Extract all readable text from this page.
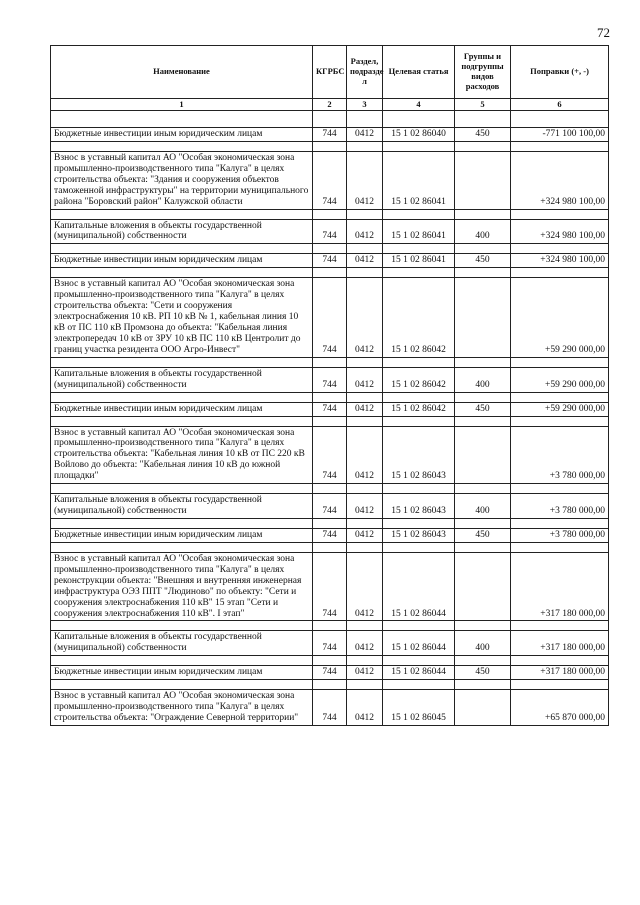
72
Наименование	КГРБС	Раздел, подразде л	Целевая статья	Группы и подгруппы видов расходов	Поправки (+, -)
1	2	3	4	5	6

Бюджетные инвестиции иным юридическим лицам	744	0412	15 1 02 86040	450	-771 100 100,00

Взнос в уставный капитал АО "Особая экономическая зона промышленно-производственного типа "Калуга" в целях строительства объекта: "Здания и сооружения объектов таможенной инфраструктуры" на территории муниципального района "Боровский район" Калужской области	744	0412	15 1 02 86041		+324 980 100,00

Капитальные вложения в объекты государственной (муниципальной) собственности	744	0412	15 1 02 86041	400	+324 980 100,00

Бюджетные инвестиции иным юридическим лицам	744	0412	15 1 02 86041	450	+324 980 100,00

Взнос в уставный капитал АО "Особая экономическая зона промышленно-производственного типа "Калуга" в целях строительства объекта: "Сети и сооружения электроснабжения 10 кВ. РП 10 кВ № 1, кабельная линия 10 кВ от ПС 110 кВ Промзона до объекта: "Кабельная линия электропередач 10 кВ от ЗРУ 10 кВ ПС 110 кВ Центролит до границ участка резидента ООО Агро-Инвест"	744	0412	15 1 02 86042		+59 290 000,00

Капитальные вложения в объекты государственной (муниципальной) собственности	744	0412	15 1 02 86042	400	+59 290 000,00

Бюджетные инвестиции иным юридическим лицам	744	0412	15 1 02 86042	450	+59 290 000,00

Взнос в уставный капитал АО "Особая экономическая зона промышленно-производственного типа "Калуга" в целях строительства объекта: "Кабельная линия 10 кВ от ПС 220 кВ Войлово до объекта: "Кабельная линия 10 кВ до южной площадки"	744	0412	15 1 02 86043		+3 780 000,00

Капитальные вложения в объекты государственной (муниципальной) собственности	744	0412	15 1 02 86043	400	+3 780 000,00

Бюджетные инвестиции иным юридическим лицам	744	0412	15 1 02 86043	450	+3 780 000,00

Взнос в уставный капитал АО "Особая экономическая зона промышленно-производственного типа "Калуга" в целях реконструкции объекта: "Внешняя и внутренняя инженерная инфраструктура ОЭЗ ППТ "Людиново" по объекту: "Сети и сооружения электроснабжения 110 кВ" 15 этап "Сети и сооружения электроснабжения 110 кВ". I этап"	744	0412	15 1 02 86044		+317 180 000,00

Капитальные вложения в объекты государственной (муниципальной) собственности	744	0412	15 1 02 86044	400	+317 180 000,00

Бюджетные инвестиции иным юридическим лицам	744	0412	15 1 02 86044	450	+317 180 000,00

Взнос в уставный капитал АО "Особая экономическая зона промышленно-производственного типа "Калуга" в целях строительства объекта: "Ограждение Северной территории"	744	0412	15 1 02 86045		+65 870 000,00
